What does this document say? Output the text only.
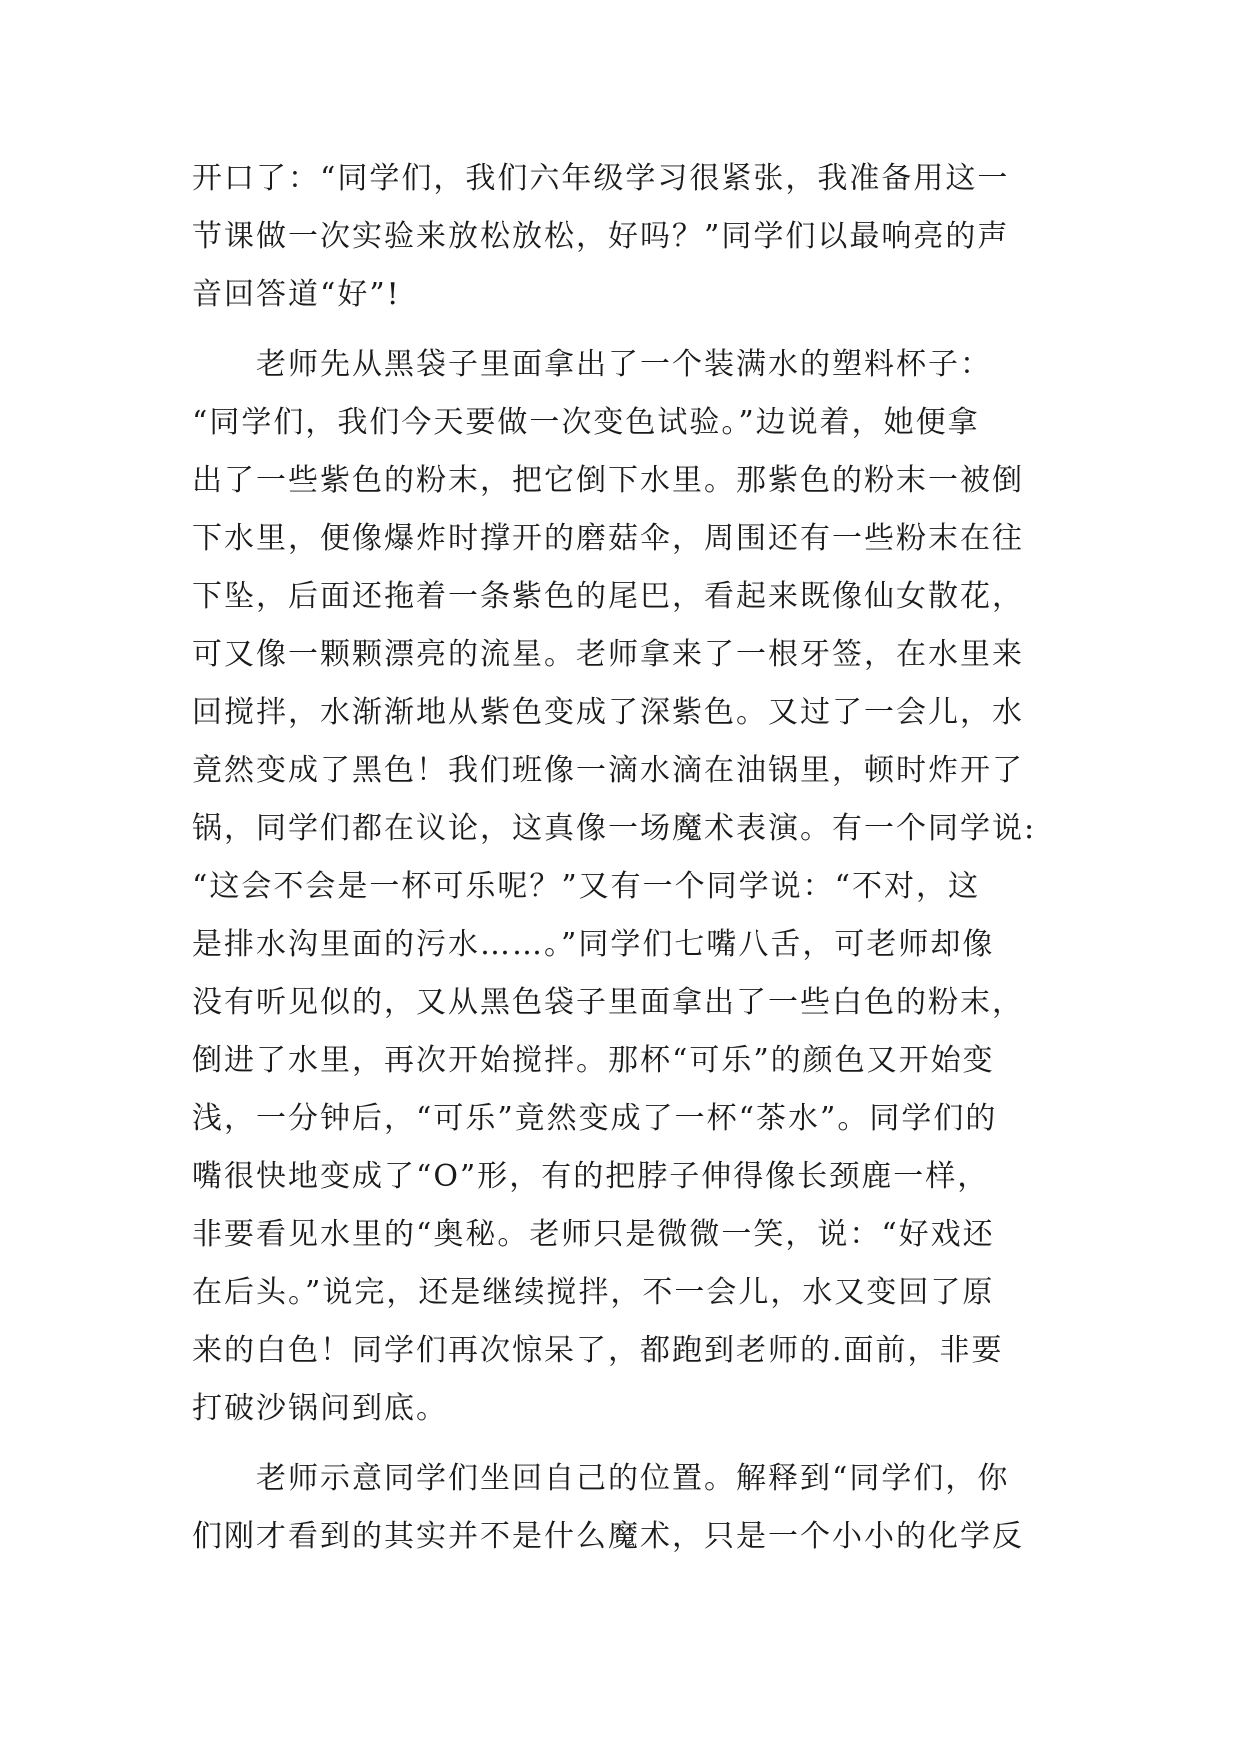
开口了：“同学们，我们六年级学习很紧张，我准备用这一
节课做一次实验来放松放松，好吗？”同学们以最响亮的声
音回答道“好”!
老师先从黑袋子里面拿出了一个装满水的塑料杯子：
“同学们，我们今天要做一次变色试验。”边说着，她便拿
出了一些紫色的粉末，把它倒下水里。那紫色的粉末一被倒
下水里，便像爆炸时撑开的磨菇伞，周围还有一些粉末在往
下坠，后面还拖着一条紫色的尾巴，看起来既像仙女散花，
可又像一颗颗漂亮的流星。老师拿来了一根牙签，在水里来
回搅拌，水渐渐地从紫色变成了深紫色。又过了一会儿，水
竟然变成了黑色！我们班像一滴水滴在油锅里，顿时炸开了
锅，同学们都在议论，这真像一场魔术表演。有一个同学说:
“这会不会是一杯可乐呢？”又有一个同学说：“不对，这
是排水沟里面的污水……。”同学们七嘴八舌，可老师却像
没有听见似的，又从黑色袋子里面拿出了一些白色的粉末，
倒进了水里，再次开始搅拌。那杯“可乐”的颜色又开始变
浅，一分钟后，“可乐”竟然变成了一杯“茶水”。同学们的
嘴很快地变成了“O”形，有的把脖子伸得像长颈鹿一样，
非要看见水里的“奥秘。老师只是微微一笑，说：“好戏还
在后头。”说完，还是继续搅拌，不一会儿，水又变回了原
来的白色！同学们再次惊呆了，都跑到老师的.面前，非要
打破沙锅问到底。
老师示意同学们坐回自己的位置。解释到“同学们，你
们刚才看到的其实并不是什么魔术，只是一个小小的化学反
